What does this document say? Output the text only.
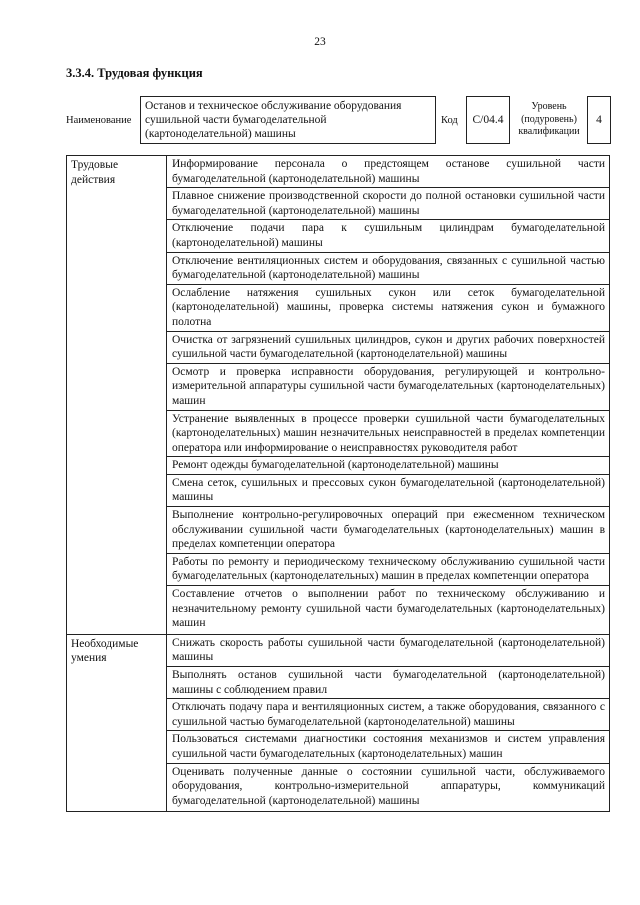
23
3.3.4. Трудовая функция
Наименование
Останов и техническое обслуживание оборудования сушильной части бумагоделательной (картоноделательной) машины
Код	С/04.4
Уровень (подуровень) квалификации
4
Трудовые действия	Информирование персонала о предстоящем останове сушильной части бумагоделательной (картоноделательной) машины
	Плавное снижение производственной скорости до полной остановки сушильной части бумагоделательной (картоноделательной) машины
	Отключение подачи пара к сушильным цилиндрам бумагоделательной (картоноделательной) машины
	Отключение вентиляционных систем и оборудования, связанных с сушильной частью бумагоделательной (картоноделательной) машины
	Ослабление натяжения сушильных сукон или сеток бумагоделательной (картоноделательной) машины, проверка системы натяжения сукон и бумажного полотна
	Очистка от загрязнений сушильных цилиндров, сукон и других рабочих поверхностей сушильной части бумагоделательной (картоноделательной) машины
	Осмотр и проверка исправности оборудования, регулирующей и контрольно-измерительной аппаратуры сушильной части бумагоделательных (картоноделательных) машин
	Устранение выявленных в процессе проверки сушильной части бумагоделательных (картоноделательных) машин незначительных неисправностей в пределах компетенции оператора или информирование о неисправностях руководителя работ
	Ремонт одежды бумагоделательной (картоноделательной) машины
	Смена сеток, сушильных и прессовых сукон бумагоделательной (картоноделательной) машины
	Выполнение контрольно-регулировочных операций при ежесменном техническом обслуживании сушильной части бумагоделательных (картоноделательных) машин в пределах компетенции оператора
	Работы по ремонту и периодическому техническому обслуживанию сушильной части бумагоделательных (картоноделательных) машин в пределах компетенции оператора
	Составление отчетов о выполнении работ по техническому обслуживанию и незначительному ремонту сушильной части бумагоделательных (картоноделательных) машин
Необходимые умения	Снижать скорость работы сушильной части бумагоделательной (картоноделательной) машины
	Выполнять останов сушильной части бумагоделательной (картоноделательной) машины с соблюдением правил
	Отключать подачу пара и вентиляционных систем, а также оборудования, связанного с сушильной частью бумагоделательной (картоноделательной) машины
	Пользоваться системами диагностики состояния механизмов и систем управления сушильной части бумагоделательных (картоноделательных) машин
	Оценивать полученные данные о состоянии сушильной части, обслуживаемого оборудования, контрольно-измерительной аппаратуры, коммуникаций бумагоделательной (картоноделательной) машины
